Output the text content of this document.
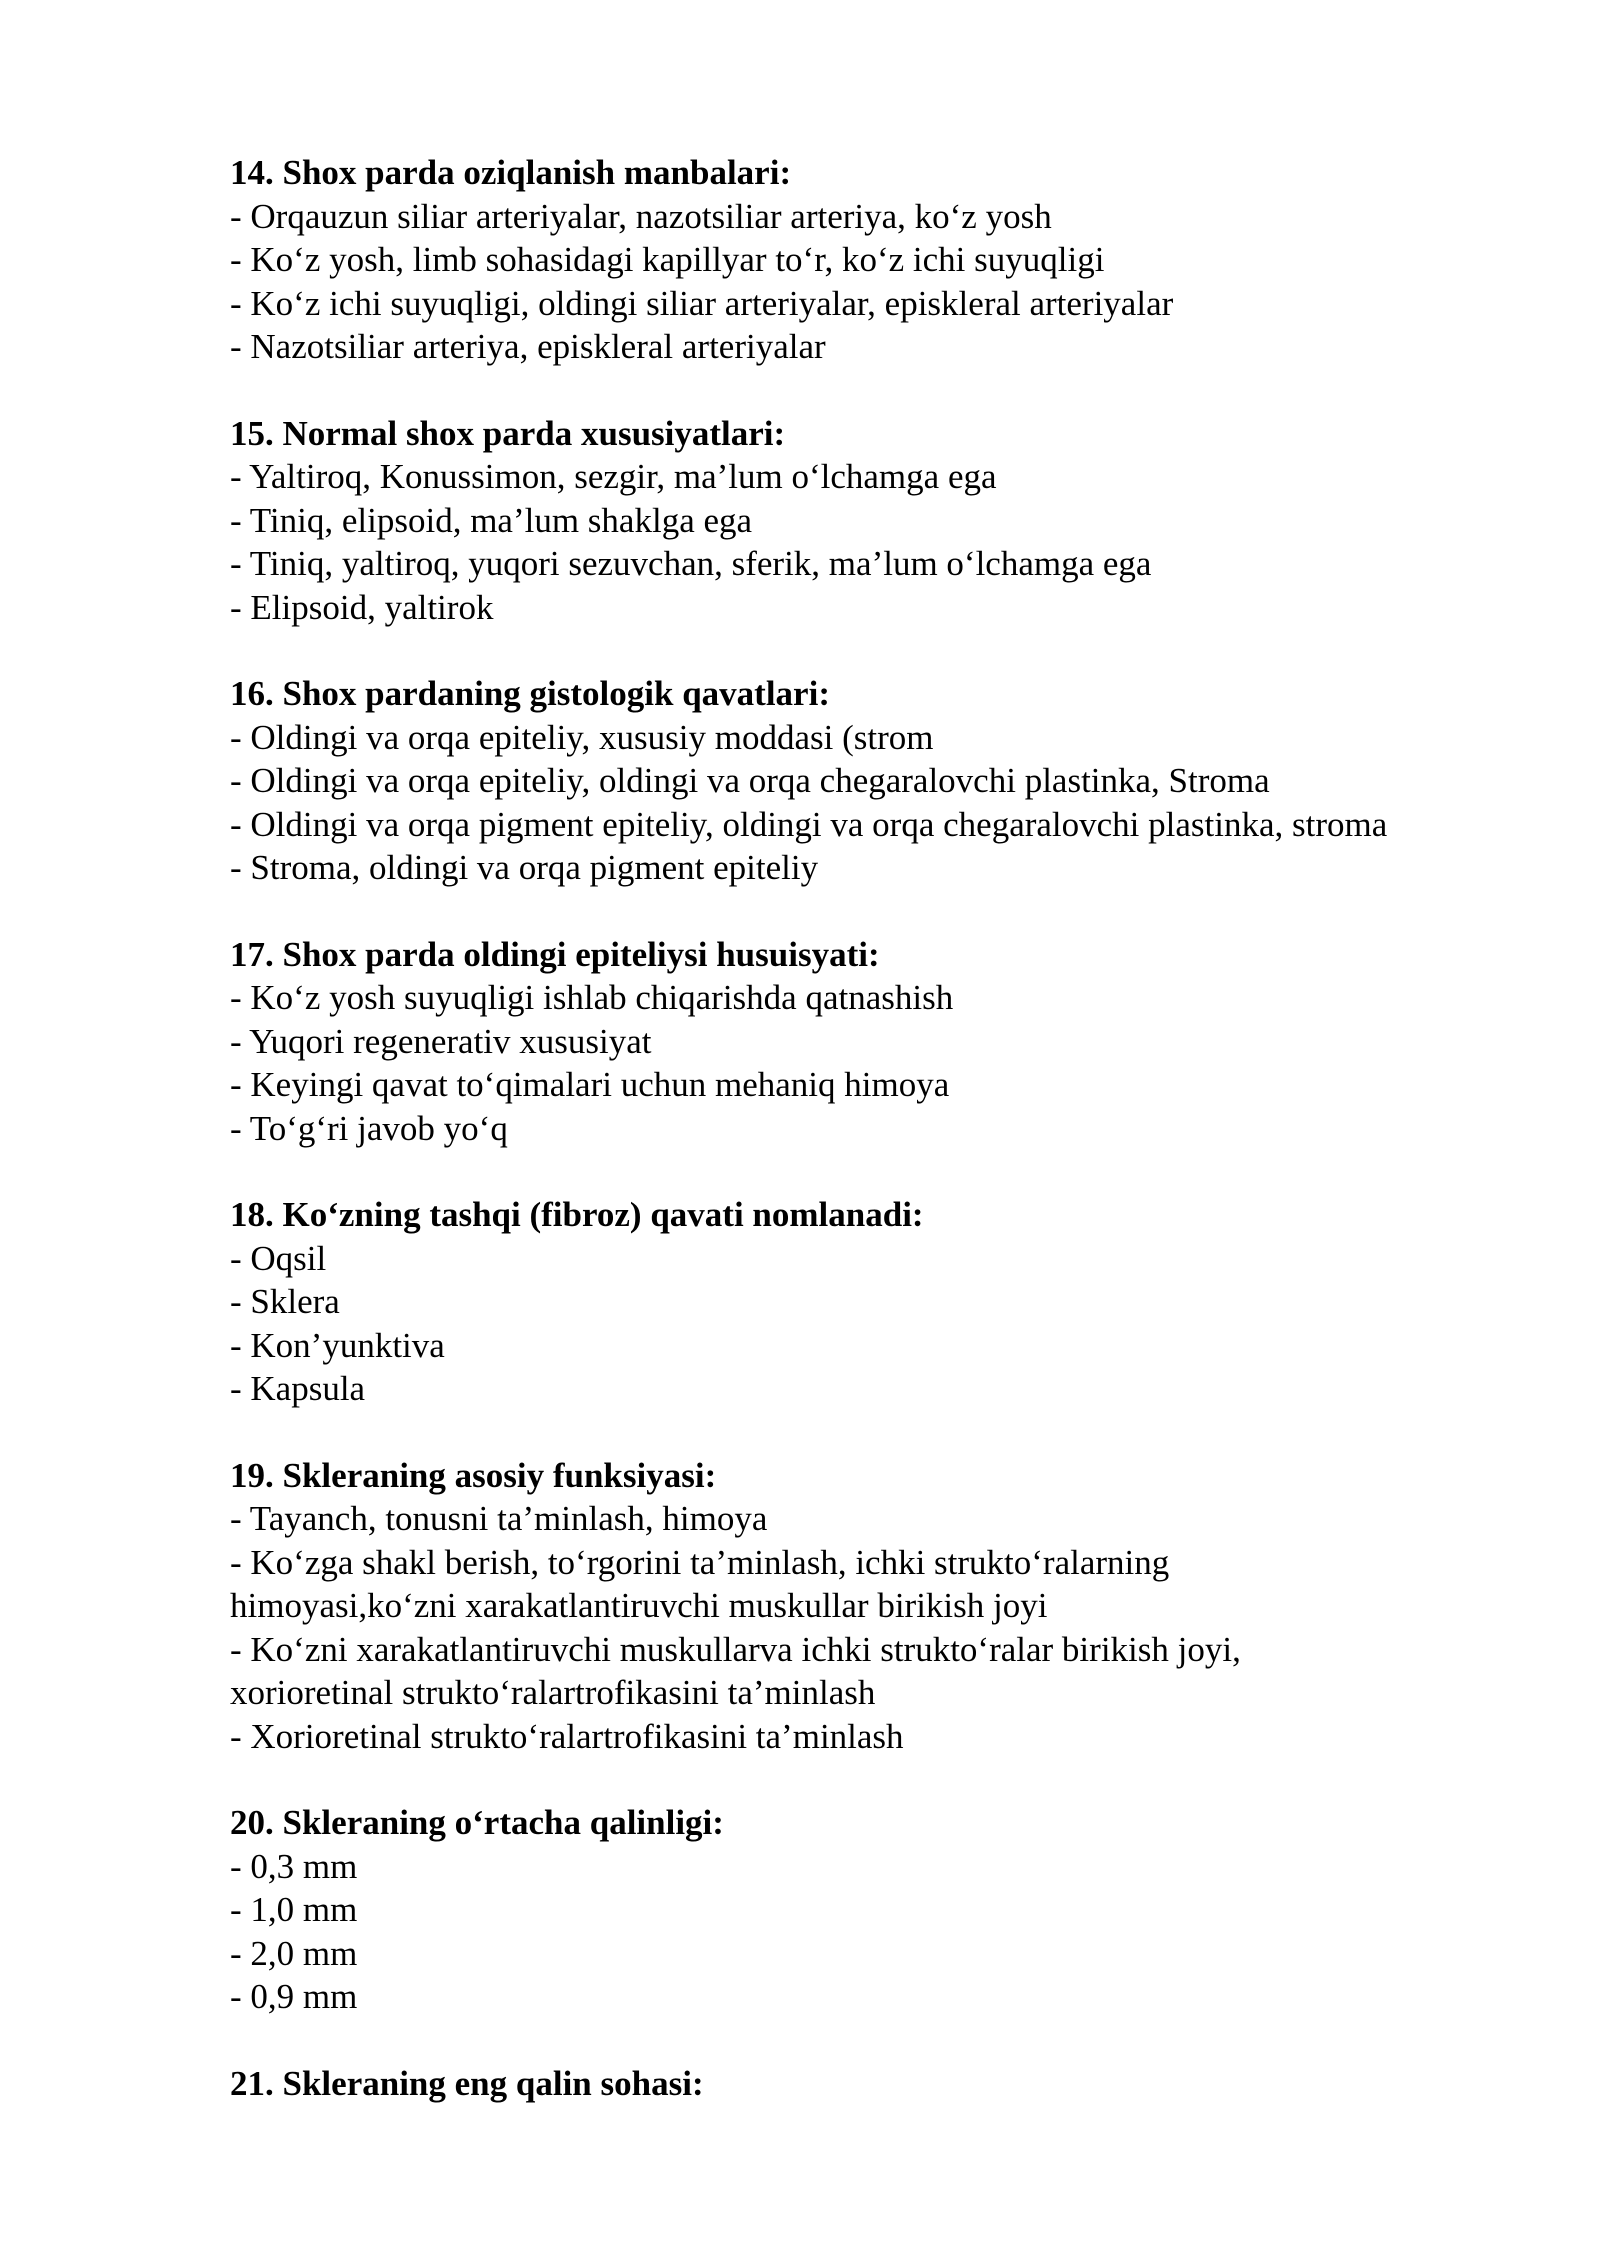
14. Shox parda oziqlanish manbalari:

- Orqauzun siliar arteriyalar, nazotsiliar arteriya, ko‘z yosh

- Ko‘z yosh, limb sohasidagi kapillyar to‘r, ko‘z ichi suyuqligi

- Ko‘z ichi suyuqligi, oldingi siliar arteriyalar, episkleral arteriyalar

- Nazotsiliar arteriya, episkleral arteriyalar

15. Normal shox parda xususiyatlari:

- Yaltiroq, Konussimon, sezgir, ma’lum o‘lchamga ega

- Tiniq, elipsoid, ma’lum shaklga ega

- Tiniq, yaltiroq, yuqori sezuvchan, sferik, ma’lum o‘lchamga ega

- Elipsoid, yaltirok

16. Shox pardaning gistologik qavatlari:

- Oldingi va orqa epiteliy, xususiy moddasi (strom

- Oldingi va orqa epiteliy, oldingi va orqa chegaralovchi plastinka, Stroma

- Oldingi va orqa pigment epiteliy, oldingi va orqa chegaralovchi plastinka, stroma

- Stroma, oldingi va orqa pigment epiteliy

17. Shox parda oldingi epiteliysi husuisyati:

- Ko‘z yosh suyuqligi ishlab chiqarishda qatnashish

- Yuqori regenerativ xususiyat

- Keyingi qavat to‘qimalari uchun mehaniq himoya

- To‘g‘ri javob yo‘q

18. Ko‘zning tashqi (fibroz) qavati nomlanadi:

- Oqsil

- Sklera

- Kon’yunktiva

- Kapsula

19. Skleraning asosiy funksiyasi:

- Tayanch, tonusni ta’minlash, himoya

- Ko‘zga shakl berish, to‘rgorini ta’minlash, ichki strukto‘ralarning himoyasi,ko‘zni xarakatlantiruvchi muskullar birikish joyi

- Ko‘zni xarakatlantiruvchi muskullarva ichki strukto‘ralar birikish joyi, xorioretinal strukto‘ralartrofikasini ta’minlash

- Xorioretinal strukto‘ralartrofikasini ta’minlash

20. Skleraning o‘rtacha qalinligi:

- 0,3 mm

- 1,0 mm

- 2,0 mm

- 0,9 mm

21. Skleraning eng qalin sohasi:
